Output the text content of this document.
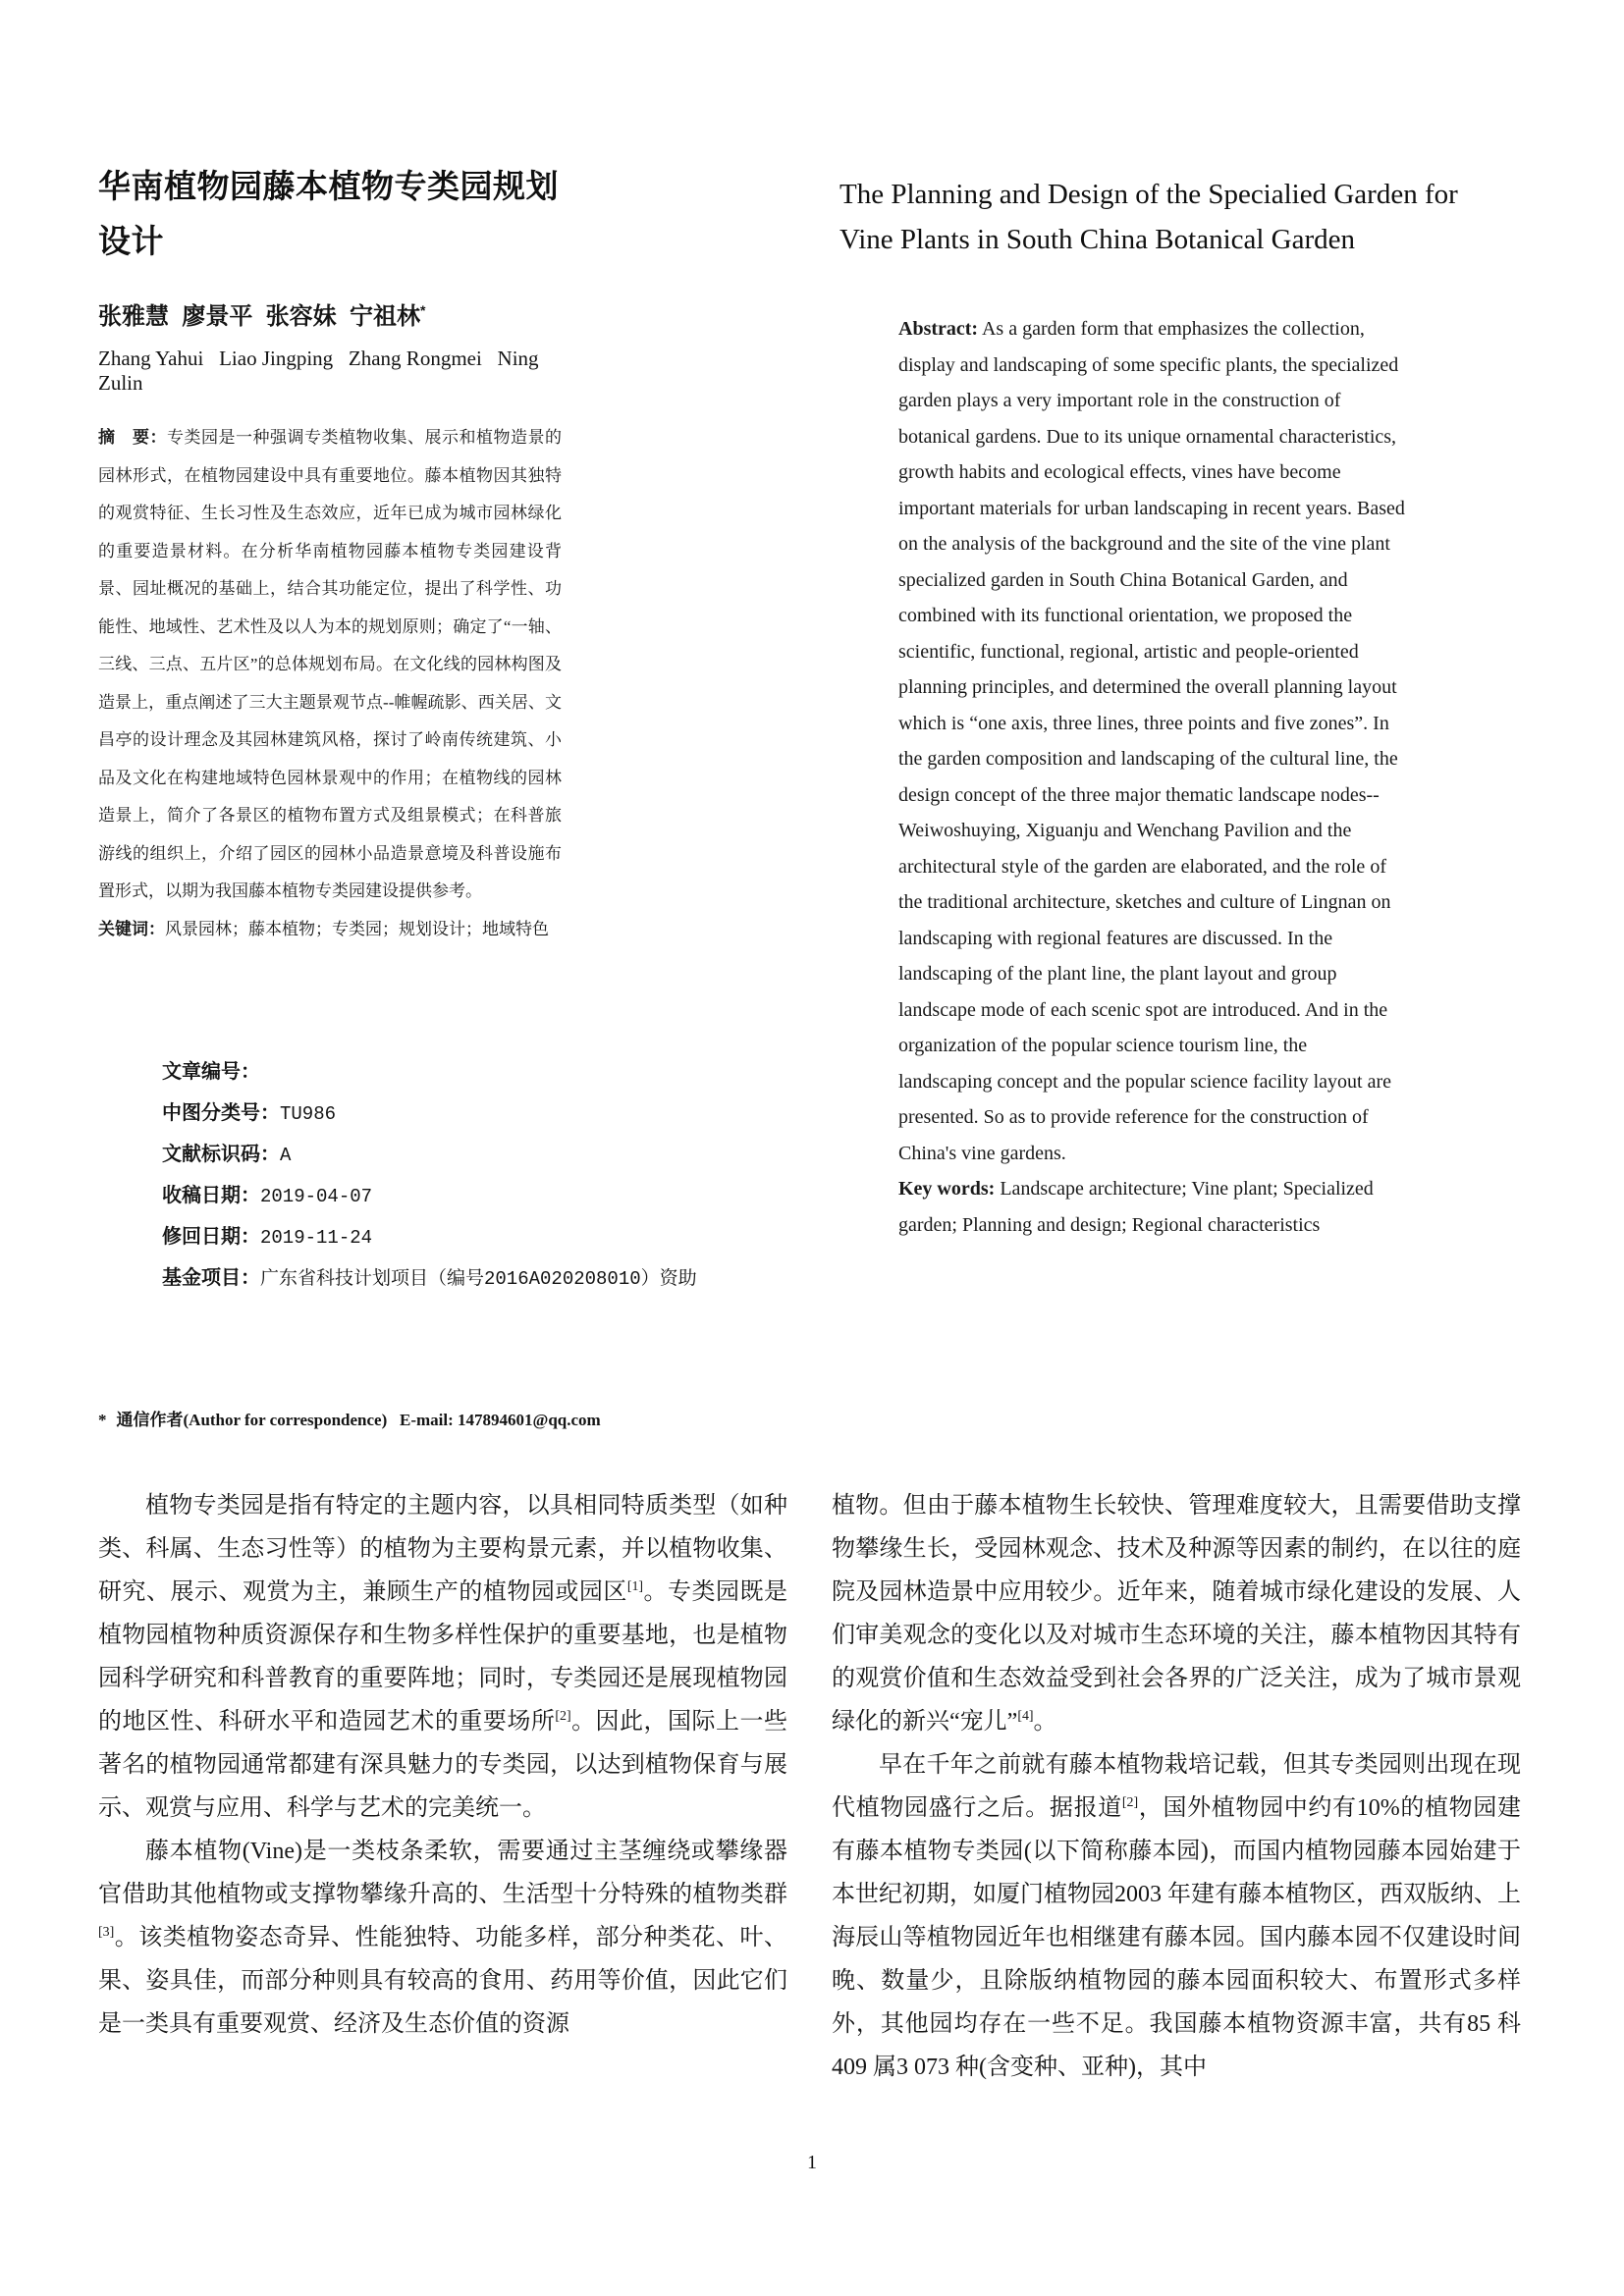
华南植物园藤本植物专类园规划设计
张雅慧  廖景平  张容妹  宁祖林*
Zhang Yahui   Liao Jingping   Zhang Rongmei   Ning Zulin
摘　要：专类园是一种强调专类植物收集、展示和植物造景的园林形式，在植物园建设中具有重要地位。藤本植物因其独特的观赏特征、生长习性及生态效应，近年已成为城市园林绿化的重要造景材料。在分析华南植物园藤本植物专类园建设背景、园址概况的基础上，结合其功能定位，提出了科学性、功能性、地域性、艺术性及以人为本的规划原则；确定了“一轴、三线、三点、五片区”的总体规划布局。在文化线的园林构图及造景上，重点阐述了三大主题景观节点--帷幄疏影、西关居、文昌亭的设计理念及其园林建筑风格，探讨了岭南传统建筑、小品及文化在构建地域特色园林景观中的作用；在植物线的园林造景上，简介了各景区的植物布置方式及组景模式；在科普旅游线的组织上，介绍了园区的园林小品造景意境及科普设施布置形式，以期为我国藤本植物专类园建设提供参考。
关键词：风景园林；藤本植物；专类园；规划设计；地域特色
文章编号：
中图分类号：TU986
文献标识码：A
收稿日期：2019-04-07
修回日期：2019-11-24
基金项目：广东省科技计划项目（编号2016A020208010）资助
* 通信作者(Author for correspondence)   E-mail: 147894601@qq.com
The Planning and Design of the Specialied Garden for Vine Plants in South China Botanical Garden
Abstract: As a garden form that emphasizes the collection, display and landscaping of some specific plants, the specialized garden plays a very important role in the construction of botanical gardens. Due to its unique ornamental characteristics, growth habits and ecological effects, vines have become important materials for urban landscaping in recent years. Based on the analysis of the background and the site of the vine plant specialized garden in South China Botanical Garden, and combined with its functional orientation, we proposed the scientific, functional, regional, artistic and people-oriented planning principles, and determined the overall planning layout which is “one axis, three lines, three points and five zones”. In the garden composition and landscaping of the cultural line, the design concept of the three major thematic landscape nodes--Weiwoshuying, Xiguanju and Wenchang Pavilion and the architectural style of the garden are elaborated, and the role of the traditional architecture, sketches and culture of Lingnan on landscaping with regional features are discussed. In the landscaping of the plant line, the plant layout and group landscape mode of each scenic spot are introduced. And in the organization of the popular science tourism line, the landscaping concept and the popular science facility layout are presented. So as to provide reference for the construction of China's vine gardens.
Key words: Landscape architecture; Vine plant; Specialized garden; Planning and design; Regional characteristics

植物专类园是指有特定的主题内容，以具相同特质类型（如种类、科属、生态习性等）的植物为主要构景元素，并以植物收集、研究、展示、观赏为主，兼顾生产的植物园或园区[1]。专类园既是植物园植物种质资源保存和生物多样性保护的重要基地，也是植物园科学研究和科普教育的重要阵地；同时，专类园还是展现植物园的地区性、科研水平和造园艺术的重要场所[2]。因此，国际上一些著名的植物园通常都建有深具魅力的专类园，以达到植物保育与展示、观赏与应用、科学与艺术的完美统一。

藤本植物(Vine)是一类枝条柔软，需要通过主茎缠绕或攀缘器官借助其他植物或支撑物攀缘升高的、生活型十分特殊的植物类群[3]。该类植物姿态奇异、性能独特、功能多样，部分种类花、叶、果、姿具佳，而部分种则具有较高的食用、药用等价值，因此它们是一类具有重要观赏、经济及生态价值的资源

植物。但由于藤本植物生长较快、管理难度较大，且需要借助支撑物攀缘生长，受园林观念、技术及种源等因素的制约，在以往的庭院及园林造景中应用较少。近年来，随着城市绿化建设的发展、人们审美观念的变化以及对城市生态环境的关注，藤本植物因其特有的观赏价值和生态效益受到社会各界的广泛关注，成为了城市景观绿化的新兴“宠儿”[4]。

早在千年之前就有藤本植物栽培记载，但其专类园则出现在现代植物园盛行之后。据报道[2]，国外植物园中约有10%的植物园建有藤本植物专类园(以下简称藤本园)，而国内植物园藤本园始建于本世纪初期，如厦门植物园2003 年建有藤本植物区，西双版纳、上海辰山等植物园近年也相继建有藤本园。国内藤本园不仅建设时间晚、数量少，且除版纳植物园的藤本园面积较大、布置形式多样外，其他园均存在一些不足。我国藤本植物资源丰富，共有85 科409 属3 073 种(含变种、亚种)，其中

1
